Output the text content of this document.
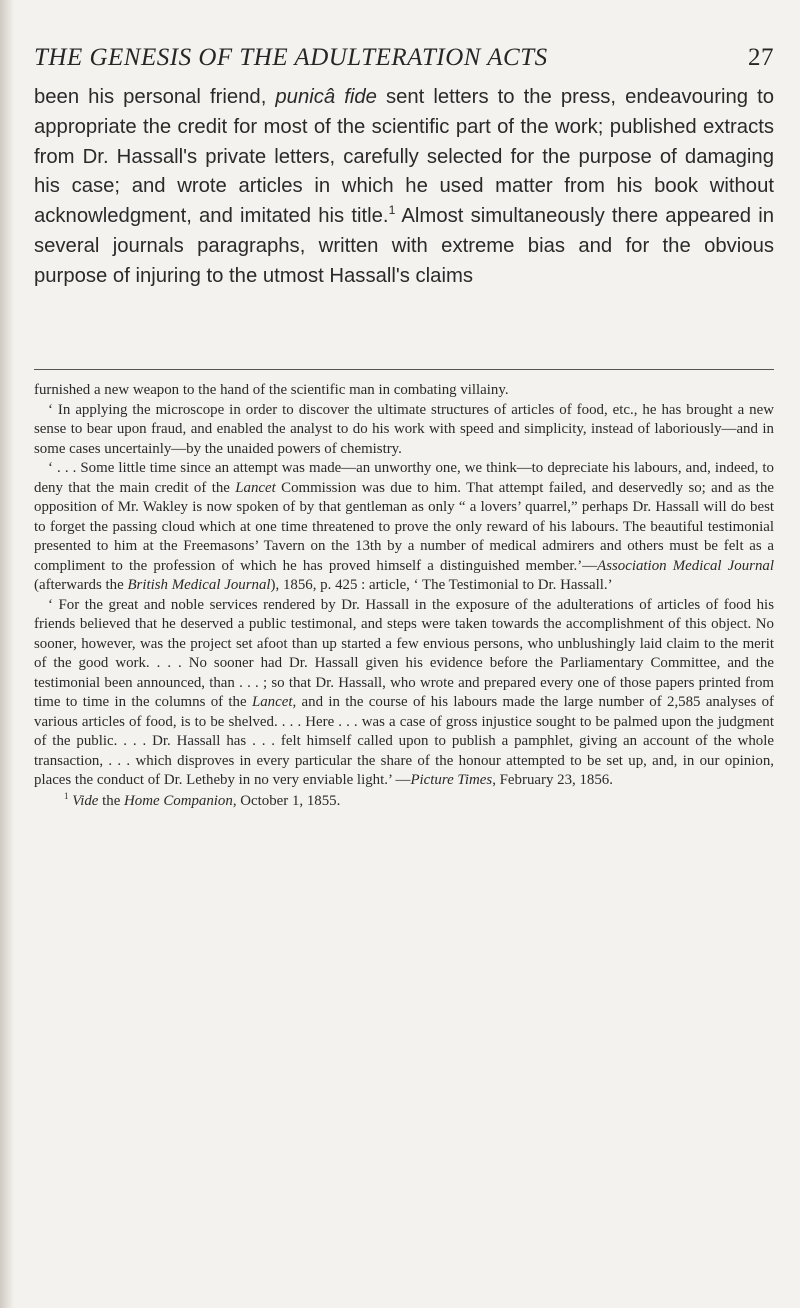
THE GENESIS OF THE ADULTERATION ACTS	27

been his personal friend, punicâ fide sent letters to the press, endeavouring to appropriate the credit for most of the scientific part of the work; published extracts from Dr. Hassall's private letters, carefully selected for the purpose of damaging his case; and wrote articles in which he used matter from his book without acknowledgment, and imitated his title.$^1$ Almost simultaneously there appeared in several journals paragraphs, written with extreme bias and for the obvious purpose of injuring to the utmost Hassall's claims

furnished a new weapon to the hand of the scientific man in combating villainy.

‘ In applying the microscope in order to discover the ultimate structures of articles of food, etc., he has brought a new sense to bear upon fraud, and enabled the analyst to do his work with speed and simplicity, instead of laboriously—and in some cases uncertainly—by the unaided powers of chemistry.

‘ . . . Some little time since an attempt was made—an unworthy one, we think—to depreciate his labours, and, indeed, to deny that the main credit of the Lancet Commission was due to him. That attempt failed, and deservedly so; and as the opposition of Mr. Wakley is now spoken of by that gentleman as only “ a lovers’ quarrel,” perhaps Dr. Hassall will do best to forget the passing cloud which at one time threatened to prove the only reward of his labours. The beautiful testimonial presented to him at the Freemasons’ Tavern on the 13th by a number of medical admirers and others must be felt as a compliment to the profession of which he has proved himself a distinguished member.’—Association Medical Journal (afterwards the British Medical Journal), 1856, p. 425 : article, ‘ The Testimonial to Dr. Hassall.’

‘ For the great and noble services rendered by Dr. Hassall in the exposure of the adulterations of articles of food his friends believed that he deserved a public testimonal, and steps were taken towards the accomplishment of this object. No sooner, however, was the project set afoot than up started a few envious persons, who unblushingly laid claim to the merit of the good work. . . . No sooner had Dr. Hassall given his evidence before the Parliamentary Committee, and the testimonial been announced, than . . . ; so that Dr. Hassall, who wrote and prepared every one of those papers printed from time to time in the columns of the Lancet, and in the course of his labours made the large number of 2,585 analyses of various articles of food, is to be shelved. . . . Here . . . was a case of gross injustice sought to be palmed upon the judgment of the public. . . . Dr. Hassall has . . . felt himself called upon to publish a pamphlet, giving an account of the whole transaction, . . . which disproves in every particular the share of the honour attempted to be set up, and, in our opinion, places the conduct of Dr. Letheby in no very enviable light.’ —Picture Times, February 23, 1856.

$^1$ Vide the Home Companion, October 1, 1855.
